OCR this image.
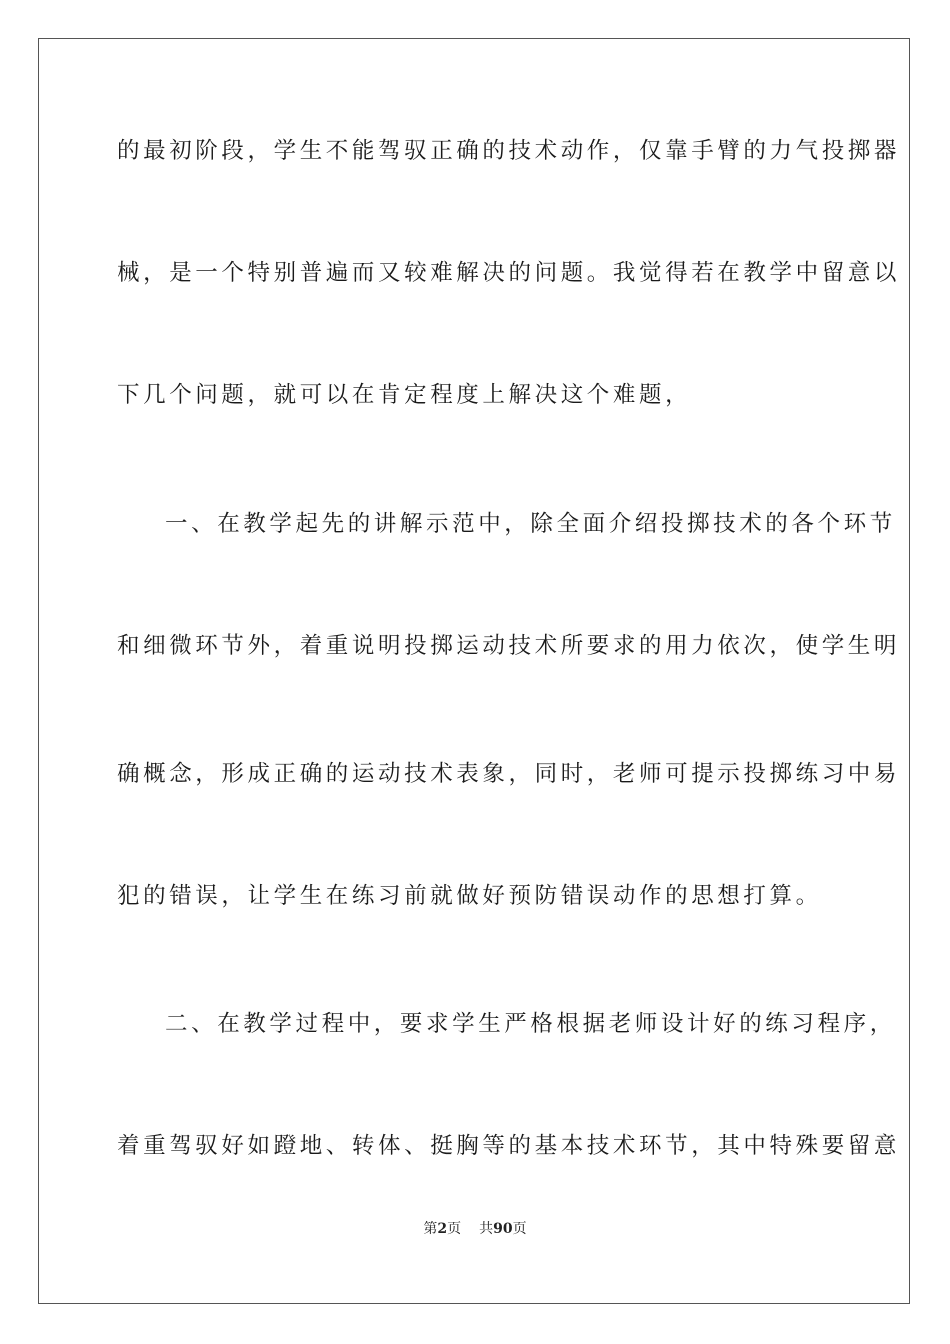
的最初阶段，学生不能驾驭正确的技术动作，仅靠手臂的力气投掷器
械，是一个特别普遍而又较难解决的问题。我觉得若在教学中留意以
下几个问题，就可以在肯定程度上解决这个难题，
一、在教学起先的讲解示范中，除全面介绍投掷技术的各个环节
和细微环节外，着重说明投掷运动技术所要求的用力依次，使学生明
确概念，形成正确的运动技术表象，同时，老师可提示投掷练习中易
犯的错误，让学生在练习前就做好预防错误动作的思想打算。
二、在教学过程中，要求学生严格根据老师设计好的练习程序，
着重驾驭好如蹬地、转体、挺胸等的基本技术环节，其中特殊要留意
第2页 共90页
